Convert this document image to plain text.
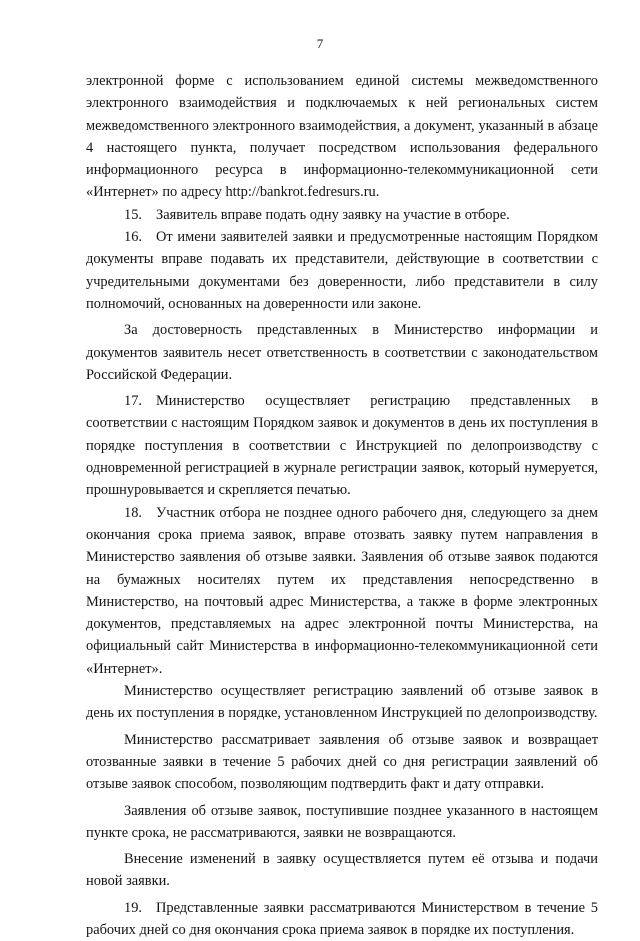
7

электронной форме с использованием единой системы межведомственного электронного взаимодействия и подключаемых к ней региональных систем межведомственного электронного взаимодействия, а документ, указанный в абзаце 4 настоящего пункта, получает посредством использования федерального информационного ресурса в информационно-телекоммуникационной сети «Интернет» по адресу http://bankrot.fedresurs.ru.

15. Заявитель вправе подать одну заявку на участие в отборе.

16. От имени заявителей заявки и предусмотренные настоящим Порядком документы вправе подавать их представители, действующие в соответствии с учредительными документами без доверенности, либо представители в силу полномочий, основанных на доверенности или законе.

За достоверность представленных в Министерство информации и документов заявитель несет ответственность в соответствии с законодательством Российской Федерации.

17. Министерство осуществляет регистрацию представленных в соответствии с настоящим Порядком заявок и документов в день их поступления в порядке поступления в соответствии с Инструкцией по делопроизводству с одновременной регистрацией в журнале регистрации заявок, который нумеруется, прошнуровывается и скрепляется печатью.

18. Участник отбора не позднее одного рабочего дня, следующего за днем окончания срока приема заявок, вправе отозвать заявку путем направления в Министерство заявления об отзыве заявки. Заявления об отзыве заявок подаются на бумажных носителях путем их представления непосредственно в Министерство, на почтовый адрес Министерства, а также в форме электронных документов, представляемых на адрес электронной почты Министерства, на официальный сайт Министерства в информационно-телекоммуникационной сети «Интернет».

Министерство осуществляет регистрацию заявлений об отзыве заявок в день их поступления в порядке, установленном Инструкцией по делопроизводству.

Министерство рассматривает заявления об отзыве заявок и возвращает отозванные заявки в течение 5 рабочих дней со дня регистрации заявлений об отзыве заявок способом, позволяющим подтвердить факт и дату отправки.

Заявления об отзыве заявок, поступившие позднее указанного в настоящем пункте срока, не рассматриваются, заявки не возвращаются.

Внесение изменений в заявку осуществляется путем её отзыва и подачи новой заявки.

19. Представленные заявки рассматриваются Министерством в течение 5 рабочих дней со дня окончания срока приема заявок в порядке их поступления.
